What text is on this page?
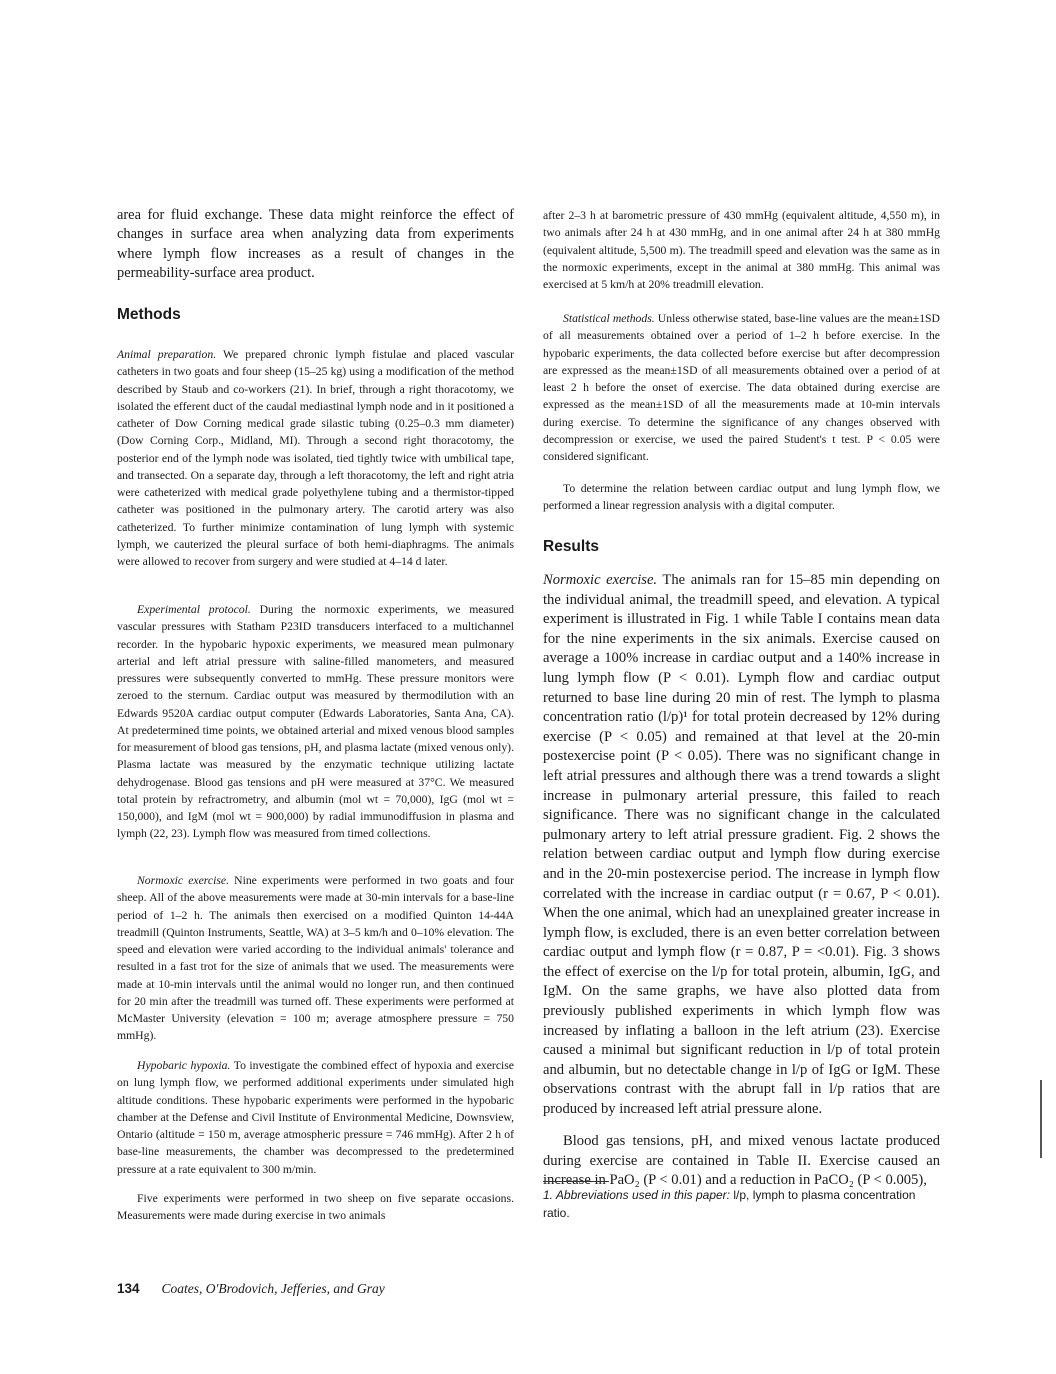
area for fluid exchange. These data might reinforce the effect of changes in surface area when analyzing data from experiments where lymph flow increases as a result of changes in the permeability-surface area product.

Methods

Animal preparation. We prepared chronic lymph fistulae and placed vascular catheters in two goats and four sheep (15–25 kg) using a modification of the method described by Staub and co-workers (21). In brief, through a right thoracotomy, we isolated the efferent duct of the caudal mediastinal lymph node and in it positioned a catheter of Dow Corning medical grade silastic tubing (0.25–0.3 mm diameter) (Dow Corning Corp., Midland, MI). Through a second right thoracotomy, the posterior end of the lymph node was isolated, tied tightly twice with umbilical tape, and transected. On a separate day, through a left thoracotomy, the left and right atria were catheterized with medical grade polyethylene tubing and a thermistor-tipped catheter was positioned in the pulmonary artery. The carotid artery was also catheterized. To further minimize contamination of lung lymph with systemic lymph, we cauterized the pleural surface of both hemi-diaphragms. The animals were allowed to recover from surgery and were studied at 4–14 d later.

Experimental protocol. During the normoxic experiments, we measured vascular pressures with Statham P23ID transducers interfaced to a multichannel recorder. In the hypobaric hypoxic experiments, we measured mean pulmonary arterial and left atrial pressure with saline-filled manometers, and measured pressures were subsequently converted to mmHg. These pressure monitors were zeroed to the sternum. Cardiac output was measured by thermodilution with an Edwards 9520A cardiac output computer (Edwards Laboratories, Santa Ana, CA). At predetermined time points, we obtained arterial and mixed venous blood samples for measurement of blood gas tensions, pH, and plasma lactate (mixed venous only). Plasma lactate was measured by the enzymatic technique utilizing lactate dehydrogenase. Blood gas tensions and pH were measured at 37°C. We measured total protein by refractrometry, and albumin (mol wt = 70,000), IgG (mol wt = 150,000), and IgM (mol wt = 900,000) by radial immunodiffusion in plasma and lymph (22, 23). Lymph flow was measured from timed collections.

Normoxic exercise. Nine experiments were performed in two goats and four sheep. All of the above measurements were made at 30-min intervals for a base-line period of 1–2 h. The animals then exercised on a modified Quinton 14-44A treadmill (Quinton Instruments, Seattle, WA) at 3–5 km/h and 0–10% elevation. The speed and elevation were varied according to the individual animals' tolerance and resulted in a fast trot for the size of animals that we used. The measurements were made at 10-min intervals until the animal would no longer run, and then continued for 20 min after the treadmill was turned off. These experiments were performed at McMaster University (elevation = 100 m; average atmosphere pressure = 750 mmHg).

Hypobaric hypoxia. To investigate the combined effect of hypoxia and exercise on lung lymph flow, we performed additional experiments under simulated high altitude conditions. These hypobaric experiments were performed in the hypobaric chamber at the Defense and Civil Institute of Environmental Medicine, Downsview, Ontario (altitude = 150 m, average atmospheric pressure = 746 mmHg). After 2 h of base-line measurements, the chamber was decompressed to the predetermined pressure at a rate equivalent to 300 m/min.

Five experiments were performed in two sheep on five separate occasions. Measurements were made during exercise in two animals

after 2–3 h at barometric pressure of 430 mmHg (equivalent altitude, 4,550 m), in two animals after 24 h at 430 mmHg, and in one animal after 24 h at 380 mmHg (equivalent altitude, 5,500 m). The treadmill speed and elevation was the same as in the normoxic experiments, except in the animal at 380 mmHg. This animal was exercised at 5 km/h at 20% treadmill elevation.

Statistical methods. Unless otherwise stated, base-line values are the mean±1SD of all measurements obtained over a period of 1–2 h before exercise. In the hypobaric experiments, the data collected before exercise but after decompression are expressed as the mean±1SD of all measurements obtained over a period of at least 2 h before the onset of exercise. The data obtained during exercise are expressed as the mean±1SD of all the measurements made at 10-min intervals during exercise. To determine the significance of any changes observed with decompression or exercise, we used the paired Student's t test. P < 0.05 were considered significant.

To determine the relation between cardiac output and lung lymph flow, we performed a linear regression analysis with a digital computer.

Results

Normoxic exercise. The animals ran for 15–85 min depending on the individual animal, the treadmill speed, and elevation. A typical experiment is illustrated in Fig. 1 while Table I contains mean data for the nine experiments in the six animals. Exercise caused on average a 100% increase in cardiac output and a 140% increase in lung lymph flow (P < 0.01). Lymph flow and cardiac output returned to base line during 20 min of rest. The lymph to plasma concentration ratio (l/p)¹ for total protein decreased by 12% during exercise (P < 0.05) and remained at that level at the 20-min postexercise point (P < 0.05). There was no significant change in left atrial pressures and although there was a trend towards a slight increase in pulmonary arterial pressure, this failed to reach significance. There was no significant change in the calculated pulmonary artery to left atrial pressure gradient. Fig. 2 shows the relation between cardiac output and lymph flow during exercise and in the 20-min postexercise period. The increase in lymph flow correlated with the increase in cardiac output (r = 0.67, P < 0.01). When the one animal, which had an unexplained greater increase in lymph flow, is excluded, there is an even better correlation between cardiac output and lymph flow (r = 0.87, P = <0.01). Fig. 3 shows the effect of exercise on the l/p for total protein, albumin, IgG, and IgM. On the same graphs, we have also plotted data from previously published experiments in which lymph flow was increased by inflating a balloon in the left atrium (23). Exercise caused a minimal but significant reduction in l/p of total protein and albumin, but no detectable change in l/p of IgG or IgM. These observations contrast with the abrupt fall in l/p ratios that are produced by increased left atrial pressure alone.

Blood gas tensions, pH, and mixed venous lactate produced during exercise are contained in Table II. Exercise caused an increase in PaO₂ (P < 0.01) and a reduction in PaCO₂ (P < 0.005),

1. Abbreviations used in this paper: l/p, lymph to plasma concentration ratio.

134 Coates, O'Brodovich, Jefferies, and Gray
